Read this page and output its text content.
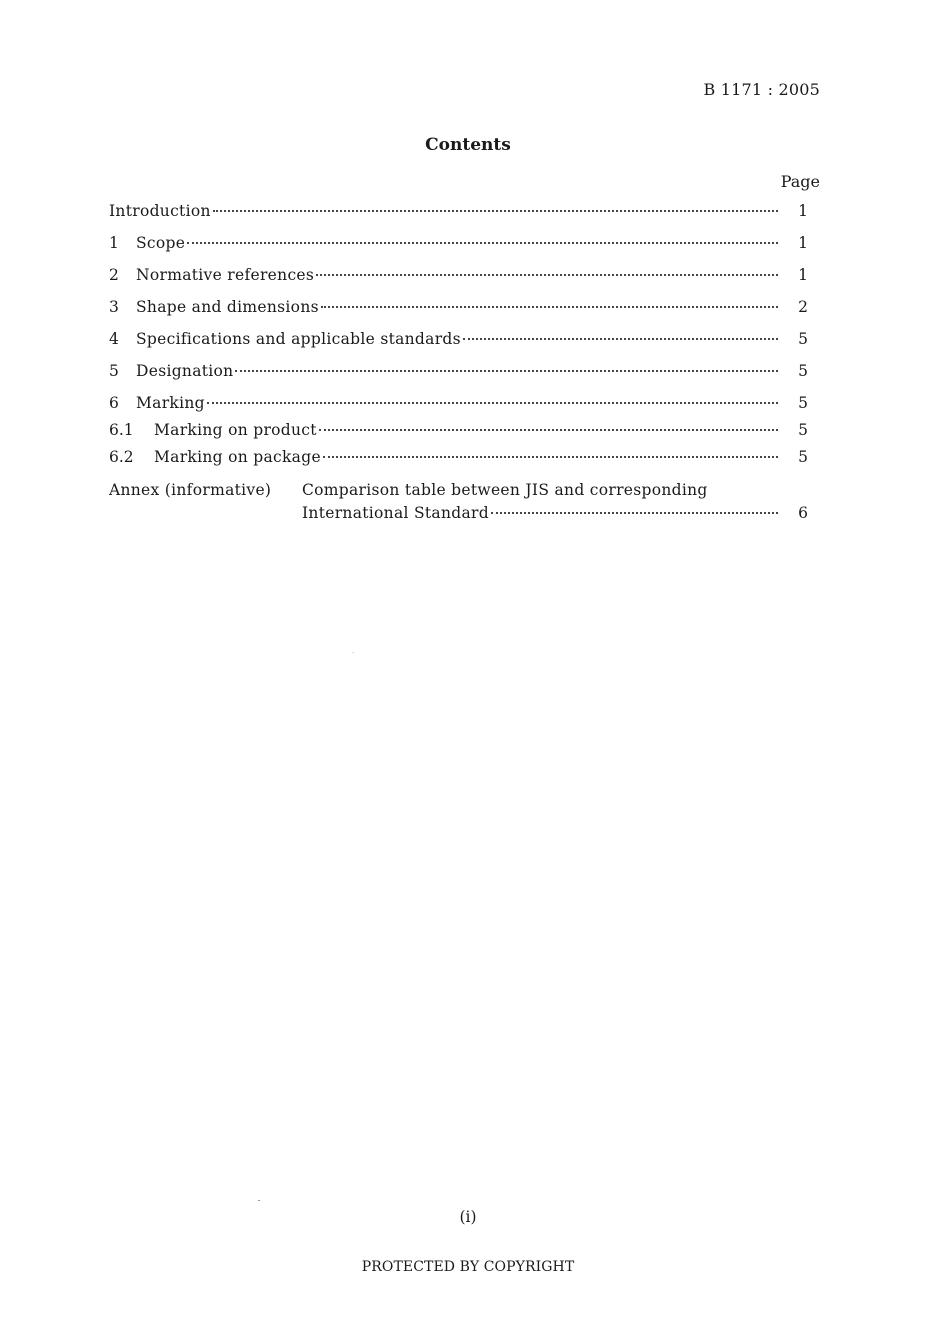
B 1171 : 2005
Contents
Page
Introduction	1
1	Scope	1
2	Normative references	1
3	Shape and dimensions	2
4	Specifications and applicable standards	5
5	Designation	5
6	Marking	5
6.1	Marking on product	5
6.2	Marking on package	5
Annex (informative) Comparison table between JIS and corresponding
International Standard	6
(i)
PROTECTED BY COPYRIGHT
